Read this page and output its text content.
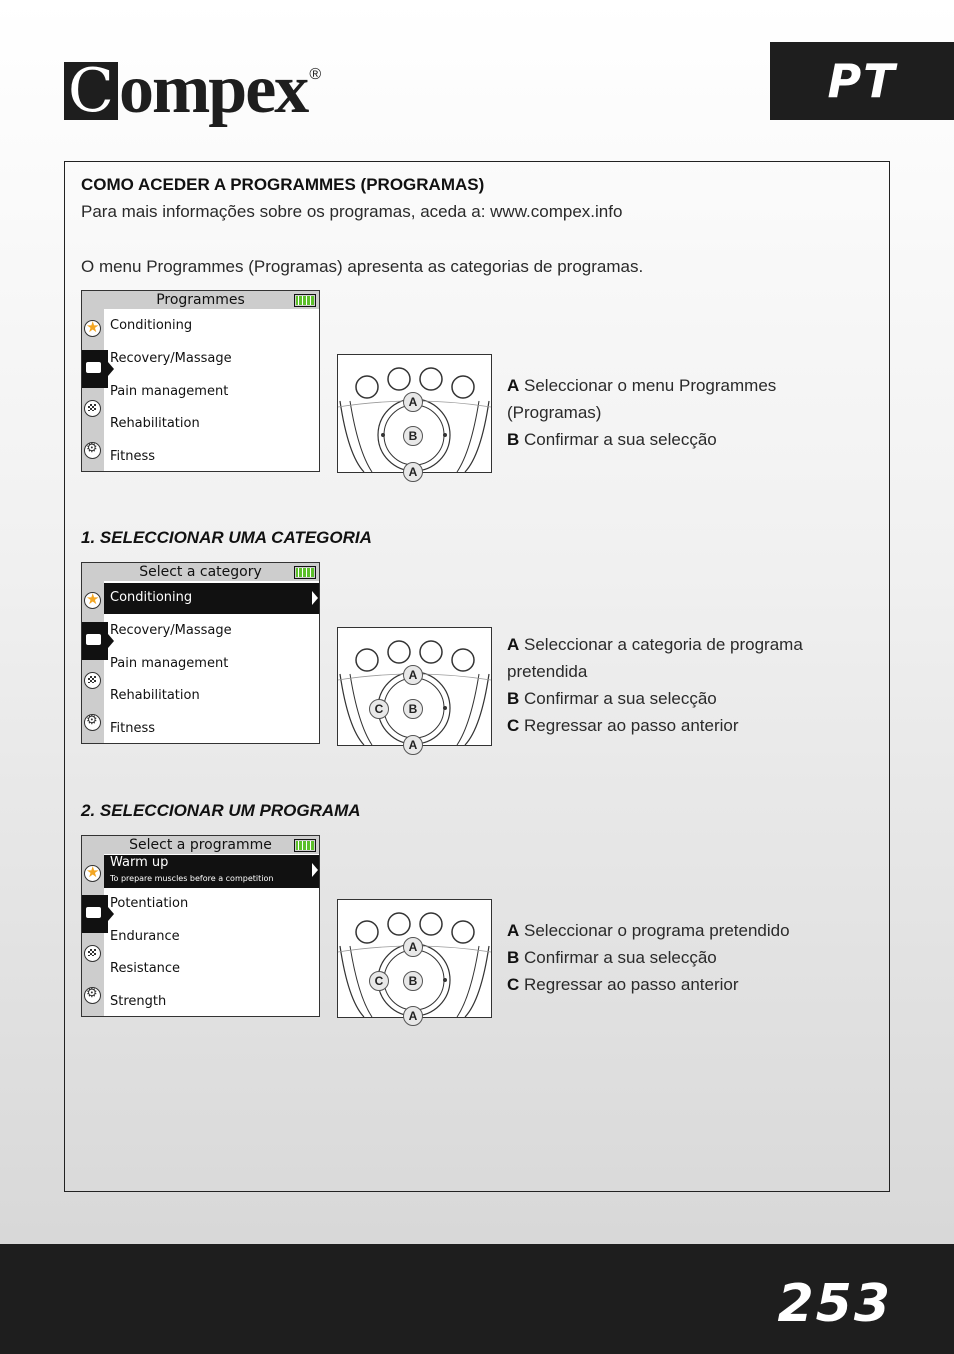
C ompex ®	PT
COMO ACEDER A PROGRAMMES (PROGRAMAS)
Para mais informações sobre os programas, aceda a: www.compex.info
O menu Programmes (Programas) apresenta as categorias de programas.
Programmes
★
⚙
Conditioning
Recovery/Massage
Pain management
Rehabilitation
Fitness
A
B
A
A Seleccionar o menu Programmes
(Programas)
B Confirmar a sua selecção
1. SELECCIONAR UMA CATEGORIA
Select a category
★
⚙
Conditioning
Recovery/Massage
Pain management
Rehabilitation
Fitness
A
B
C
A
A Seleccionar a categoria de programa
pretendida
B Confirmar a sua selecção
C Regressar ao passo anterior
2. SELECCIONAR UM PROGRAMA
Select a programme
★
⚙
Warm up
To prepare muscles before a competition
Potentiation
Endurance
Resistance
Strength
A
B
C
A
A Seleccionar o programa pretendido
B Confirmar a sua selecção
C Regressar ao passo anterior
253
